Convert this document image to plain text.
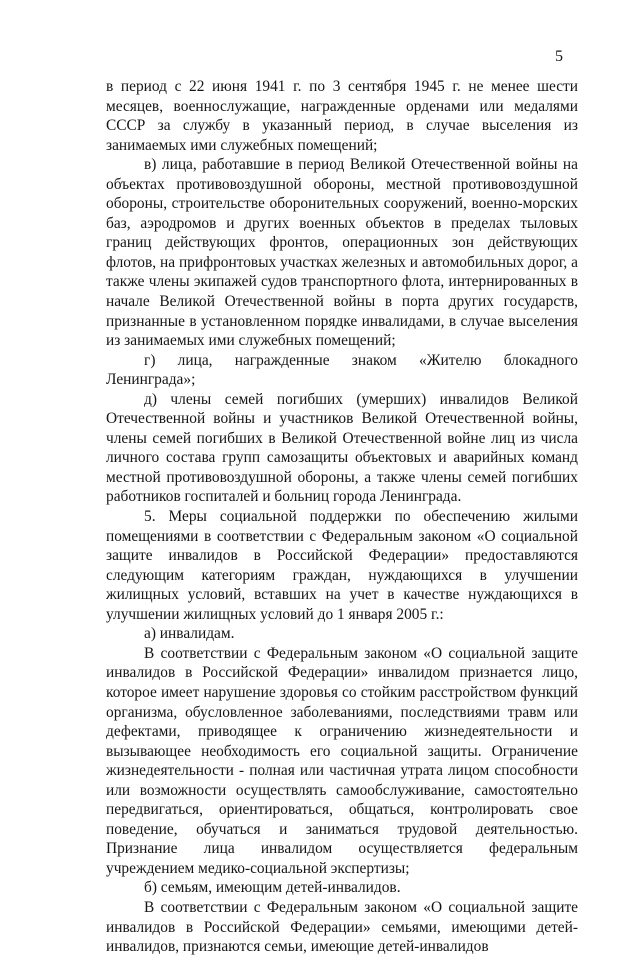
5

в период с 22 июня 1941 г. по 3 сентября 1945 г. не менее шести месяцев, военнослужащие, награжденные орденами или медалями СССР за службу в указанный период, в случае выселения из занимаемых ими служебных помещений;

в) лица, работавшие в период Великой Отечественной войны на объектах противовоздушной обороны, местной противовоздушной обороны, строительстве оборонительных сооружений, военно-морских баз, аэродромов и других военных объектов в пределах тыловых границ действующих фронтов, операционных зон действующих флотов, на прифронтовых участках железных и автомобильных дорог, а также члены экипажей судов транспортного флота, интернированных в начале Великой Отечественной войны в порта других государств, признанные в установленном порядке инвалидами, в случае выселения из занимаемых ими служебных помещений;

г) лица, награжденные знаком «Жителю блокадного Ленинграда»;

д) члены семей погибших (умерших) инвалидов Великой Отечественной войны и участников Великой Отечественной войны, члены семей погибших в Великой Отечественной войне лиц из числа личного состава групп самозащиты объектовых и аварийных команд местной противовоздушной обороны, а также члены семей погибших работников госпиталей и больниц города Ленинграда.

5. Меры социальной поддержки по обеспечению жилыми помещениями в соответствии с Федеральным законом «О социальной защите инвалидов в Российской Федерации» предоставляются следующим категориям граждан, нуждающихся в улучшении жилищных условий, вставших на учет в качестве нуждающихся в улучшении жилищных условий до 1 января 2005 г.:

а) инвалидам.

В соответствии с Федеральным законом «О социальной защите инвалидов в Российской Федерации» инвалидом признается лицо, которое имеет нарушение здоровья со стойким расстройством функций организма, обусловленное заболеваниями, последствиями травм или дефектами, приводящее к ограничению жизнедеятельности и вызывающее необходимость его социальной защиты. Ограничение жизнедеятельности - полная или частичная утрата лицом способности или возможности осуществлять самообслуживание, самостоятельно передвигаться, ориентироваться, общаться, контролировать свое поведение, обучаться и заниматься трудовой деятельностью. Признание лица инвалидом осуществляется федеральным учреждением медико-социальной экспертизы;

б) семьям, имеющим детей-инвалидов.

В соответствии с Федеральным законом «О социальной защите инвалидов в Российской Федерации» семьями, имеющими детей-инвалидов, признаются семьи, имеющие детей-инвалидов
